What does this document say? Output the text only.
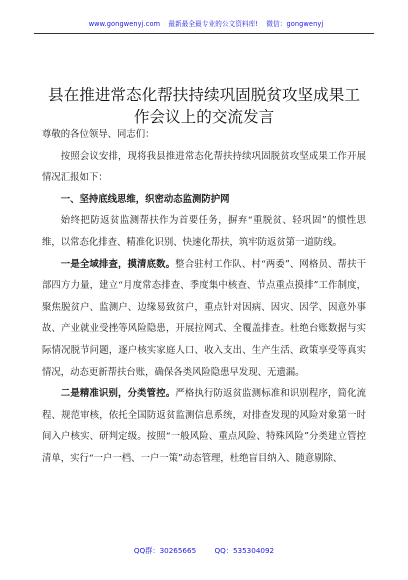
www.gongwenyj.com 最新最全最专业的公文资料库! 微信：gongwenyj
县在推进常态化帮扶持续巩固脱贫攻坚成果工
作会议上的交流发言

尊敬的各位领导、同志们：

按照会议安排，现将我县推进常态化帮扶持续巩固脱贫攻坚成果工作开展情况汇报如下：

一、坚持底线思维，织密动态监测防护网

始终把防返贫监测帮扶作为首要任务，摒弃“重脱贫、轻巩固”的惯性思维，以常态化排查、精准化识别、快速化帮扶，筑牢防返贫第一道防线。

一是全域排查，摸清底数。整合驻村工作队、村“两委”、网格员、帮扶干部四方力量，建立“月度常态排查、季度集中核查、节点重点摸排”工作制度，聚焦脱贫户、监测户、边缘易致贫户，重点针对因病、因灾、因学、因意外事故、产业就业受挫等风险隐患，开展拉网式、全覆盖排查。杜绝台账数据与实际情况脱节问题，逐户核实家庭人口、收入支出、生产生活、政策享受等真实情况，动态更新帮扶台账，确保各类风险隐患早发现、无遗漏。

二是精准识别，分类管控。严格执行防返贫监测标准和识别程序，简化流程、规范审核，依托全国防返贫监测信息系统，对排查发现的风险对象第一时间入户核实、研判定级。按照“一般风险、重点风险、特殊风险”分类建立管控清单，实行“一户一档、一户一策”动态管理，杜绝盲目纳入、随意剔除、

QQ群：30265665	QQ：535304092
